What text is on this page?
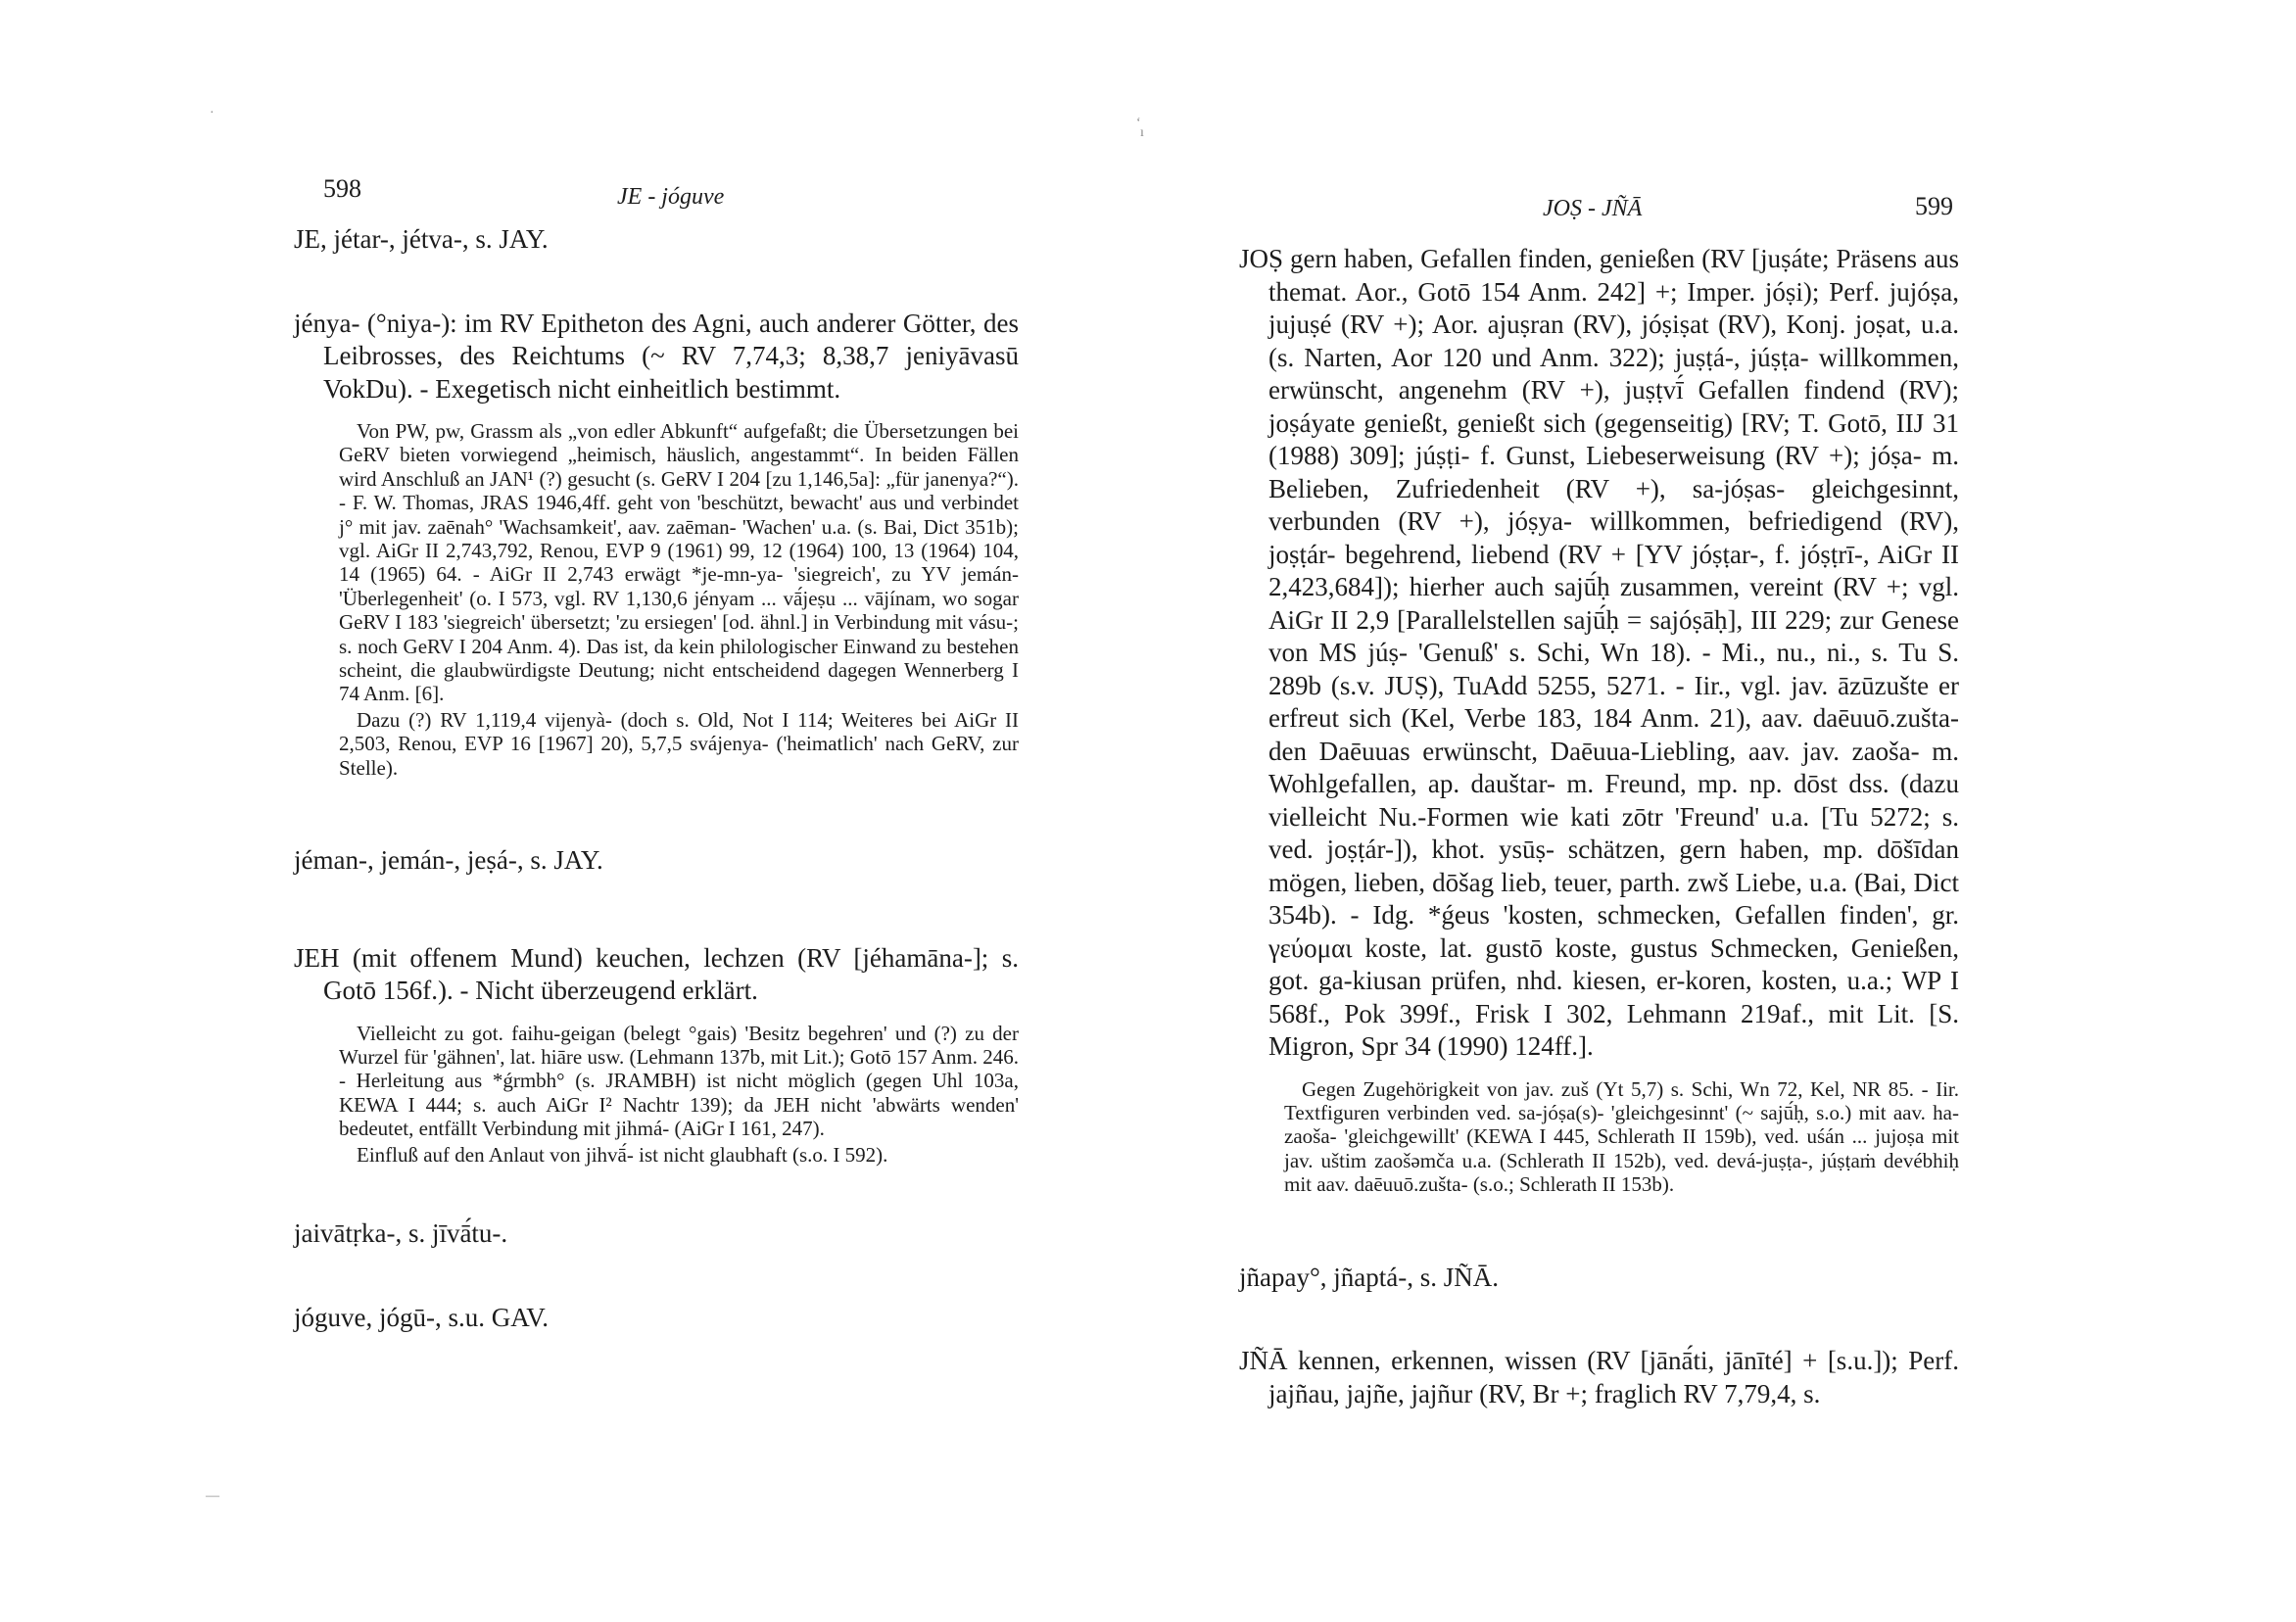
·
ʻ
ı
—
598	JE - jóguve

JE, jétar-, jétva-, s. JAY.

jénya- (°niya-): im RV Epitheton des Agni, auch anderer Götter, des Leibrosses, des Reichtums (~ RV 7,74,3; 8,38,7 jeniyāvasū VokDu). - Exegetisch nicht einheitlich bestimmt.

Von PW, pw, Grassm als „von edler Abkunft“ aufgefaßt; die Übersetzungen bei GeRV bieten vorwiegend „heimisch, häuslich, angestammt“. In beiden Fällen wird Anschluß an JAN¹ (?) gesucht (s. GeRV I 204 [zu 1,146,5a]: „für janenya?“). - F. W. Thomas, JRAS 1946,4ff. geht von 'beschützt, bewacht' aus und verbindet j° mit jav. zaēnah° 'Wachsamkeit', aav. zaēman- 'Wachen' u.a. (s. Bai, Dict 351b); vgl. AiGr II 2,743,792, Renou, EVP 9 (1961) 99, 12 (1964) 100, 13 (1964) 104, 14 (1965) 64. - AiGr II 2,743 erwägt *je-mn-ya- 'siegreich', zu YV jemán- 'Überlegenheit' (o. I 573, vgl. RV 1,130,6 jényam ... vā́jeṣu ... vājínam, wo sogar GeRV I 183 'siegreich' übersetzt; 'zu ersiegen' [od. ähnl.] in Verbindung mit vásu-; s. noch GeRV I 204 Anm. 4). Das ist, da kein philologischer Einwand zu bestehen scheint, die glaubwürdigste Deutung; nicht entscheidend dagegen Wennerberg I 74 Anm. [6].

Dazu (?) RV 1,119,4 vijenyà- (doch s. Old, Not I 114; Weiteres bei AiGr II 2,503, Renou, EVP 16 [1967] 20), 5,7,5 svájenya- ('heimatlich' nach GeRV, zur Stelle).

jéman-, jemán-, jeṣá-, s. JAY.

JEH (mit offenem Mund) keuchen, lechzen (RV [jéhamāna-]; s. Gotō 156f.). - Nicht überzeugend erklärt.

Vielleicht zu got. faihu-geigan (belegt °gais) 'Besitz begehren' und (?) zu der Wurzel für 'gähnen', lat. hiāre usw. (Lehmann 137b, mit Lit.); Gotō 157 Anm. 246. - Herleitung aus *ǵrmbh° (s. JRAMBH) ist nicht möglich (gegen Uhl 103a, KEWA I 444; s. auch AiGr I² Nachtr 139); da JEH nicht 'abwärts wenden' bedeutet, entfällt Verbindung mit jihmá- (AiGr I 161, 247).

Einfluß auf den Anlaut von jihvā́- ist nicht glaubhaft (s.o. I 592).

jaivātṛka-, s. jīvā́tu-.

jóguve, jógū-, s.u. GAV.

JOṢ - JÑĀ	599

JOṢ gern haben, Gefallen finden, genießen (RV [juṣáte; Präsens aus themat. Aor., Gotō 154 Anm. 242] +; Imper. jóṣi); Perf. jujóṣa, jujuṣé (RV +); Aor. ajuṣran (RV), jóṣiṣat (RV), Konj. joṣat, u.a. (s. Narten, Aor 120 und Anm. 322); juṣṭá-, júṣṭa- willkommen, erwünscht, angenehm (RV +), juṣṭvī́ Gefallen findend (RV); joṣáyate genießt, genießt sich (gegenseitig) [RV; T. Gotō, IIJ 31 (1988) 309]; júṣṭi- f. Gunst, Liebeserweisung (RV +); jóṣa- m. Belieben, Zufriedenheit (RV +), sa-jóṣas- gleichgesinnt, verbunden (RV +), jóṣya- willkommen, befriedigend (RV), joṣṭár- begehrend, liebend (RV + [YV jóṣṭar-, f. jóṣṭrī-, AiGr II 2,423,684]); hierher auch sajū́ḥ zusammen, vereint (RV +; vgl. AiGr II 2,9 [Parallelstellen sajū́ḥ = sajóṣāḥ], III 229; zur Genese von MS júṣ- 'Genuß' s. Schi, Wn 18). - Mi., nu., ni., s. Tu S. 289b (s.v. JUṢ), TuAdd 5255, 5271. - Iir., vgl. jav. āzūzušte er erfreut sich (Kel, Verbe 183, 184 Anm. 21), aav. daēuuō.zušta- den Daēuuas erwünscht, Daēuua-Liebling, aav. jav. zaoša- m. Wohlgefallen, ap. dauštar- m. Freund, mp. np. dōst dss. (dazu vielleicht Nu.-Formen wie kati zōtr 'Freund' u.a. [Tu 5272; s. ved. joṣṭár-]), khot. ysūṣ- schätzen, gern haben, mp. dōšīdan mögen, lieben, dōšag lieb, teuer, parth. zwš Liebe, u.a. (Bai, Dict 354b). - Idg. *ǵeus 'kosten, schmecken, Gefallen finden', gr. γεύομαι koste, lat. gustō koste, gustus Schmecken, Genießen, got. ga-kiusan prüfen, nhd. kiesen, er-koren, kosten, u.a.; WP I 568f., Pok 399f., Frisk I 302, Lehmann 219af., mit Lit. [S. Migron, Spr 34 (1990) 124ff.].

Gegen Zugehörigkeit von jav. zuš (Yt 5,7) s. Schi, Wn 72, Kel, NR 85. - Iir. Textfiguren verbinden ved. sa-jóṣa(s)- 'gleichgesinnt' (~ sajū́ḥ, s.o.) mit aav. ha-zaoša- 'gleichgewillt' (KEWA I 445, Schlerath II 159b), ved. uśán ... jujoṣa mit jav. uštim zaošəmča u.a. (Schlerath II 152b), ved. devá-juṣṭa-, júṣṭaṁ devébhiḥ mit aav. daēuuō.zušta- (s.o.; Schlerath II 153b).

jñapay°, jñaptá-, s. JÑĀ.

JÑĀ kennen, erkennen, wissen (RV [jānā́ti, jānīté] + [s.u.]); Perf. jajñau, jajñe, jajñur (RV, Br +; fraglich RV 7,79,4, s.
